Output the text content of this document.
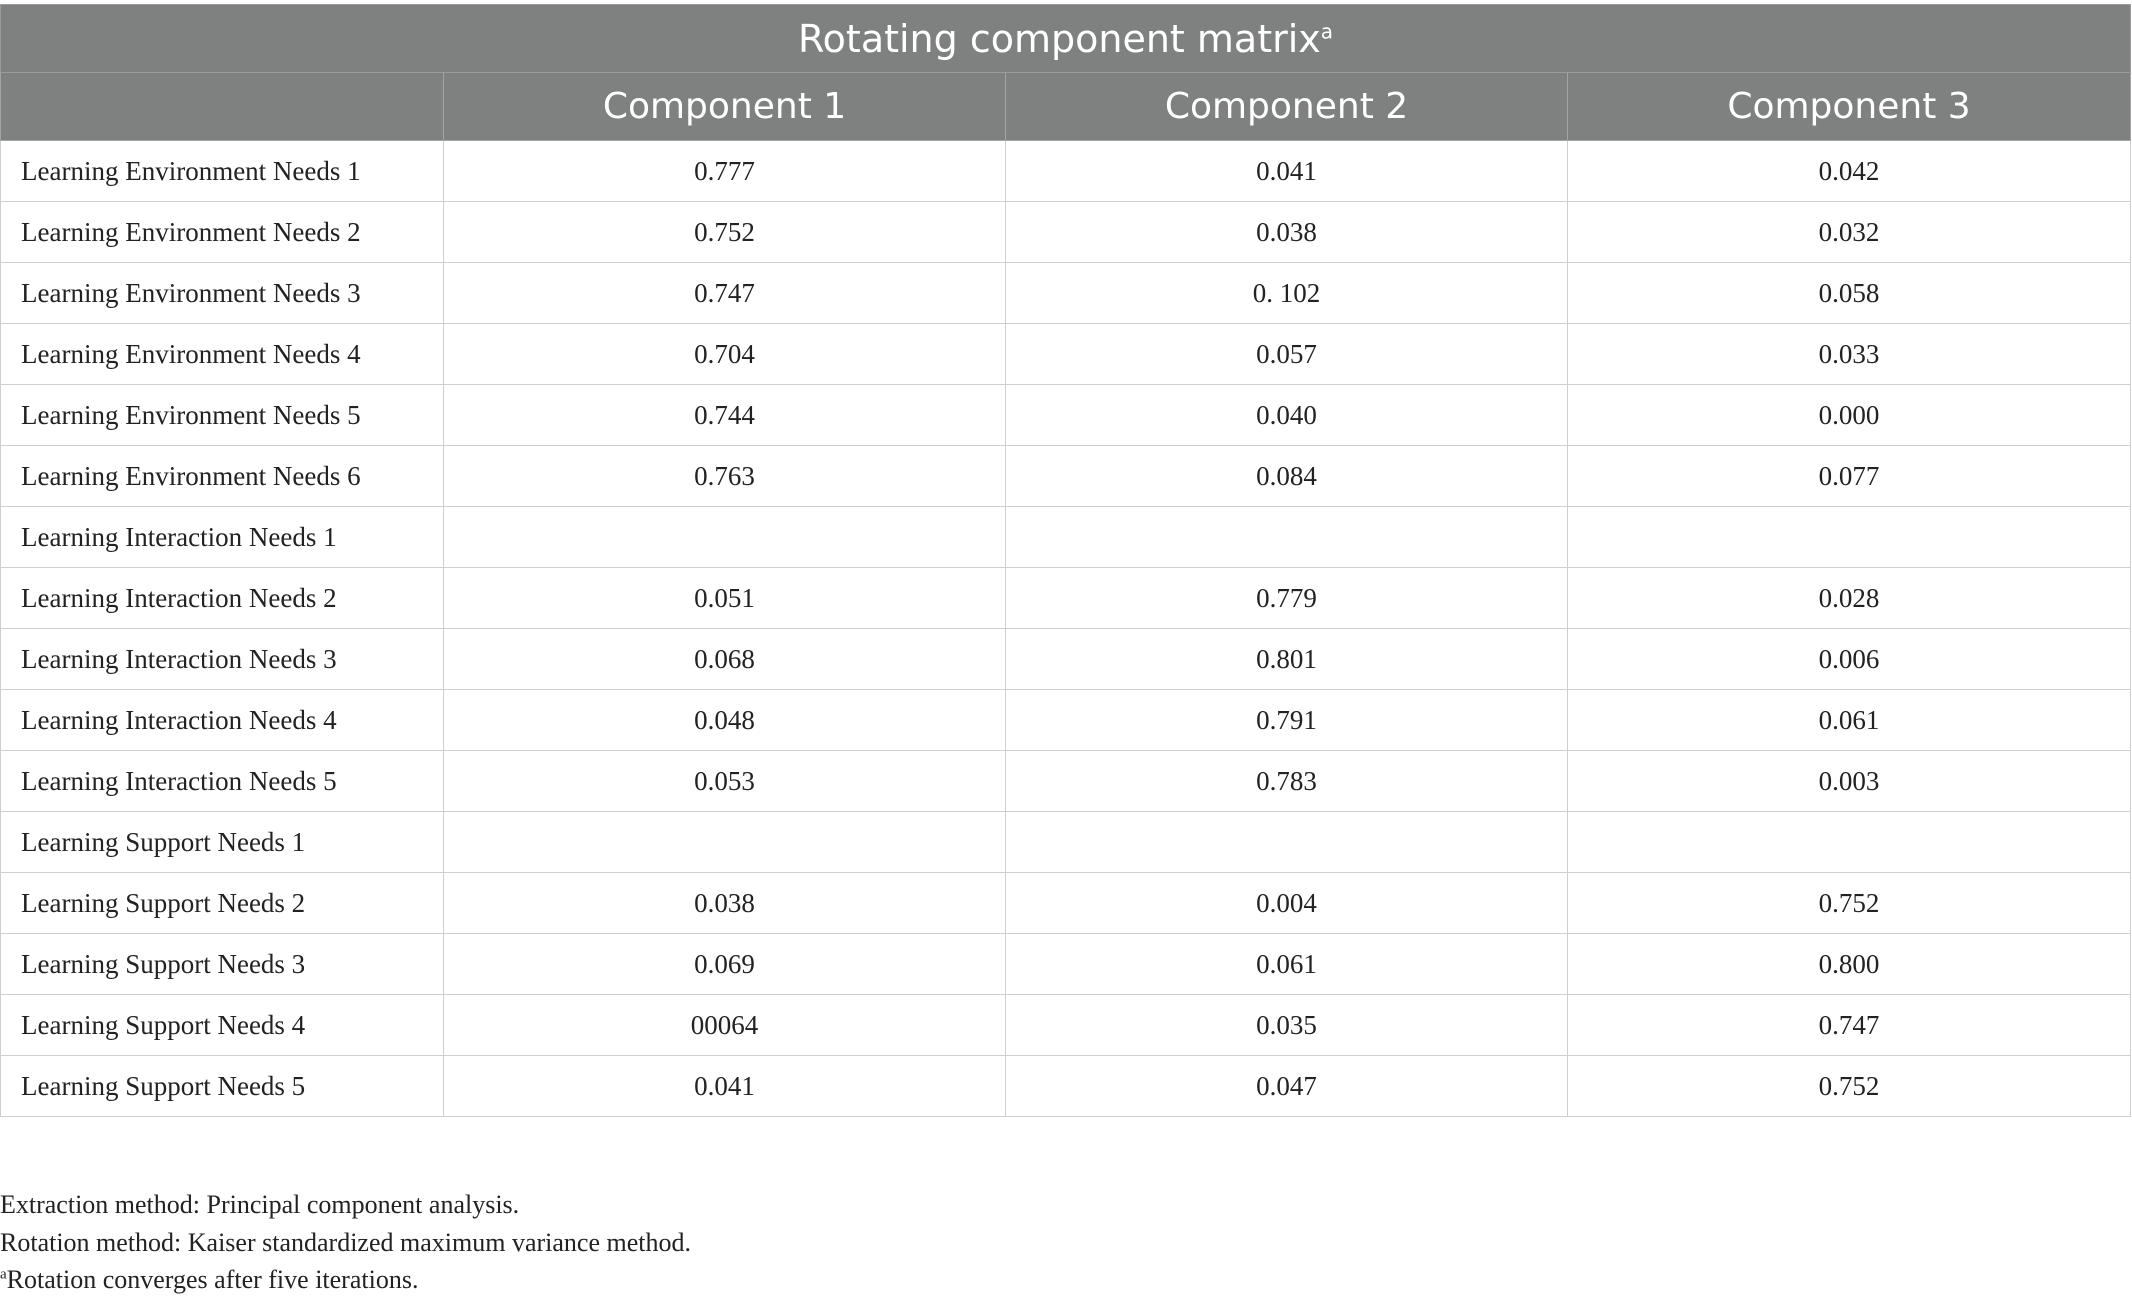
Rotating component matrix$^a$
	Component 1	Component 2	Component 3
Learning Environment Needs 1	0.777	0.041	0.042
Learning Environment Needs 2	0.752	0.038	0.032
Learning Environment Needs 3	0.747	0. 102	0.058
Learning Environment Needs 4	0.704	0.057	0.033
Learning Environment Needs 5	0.744	0.040	0.000
Learning Environment Needs 6	0.763	0.084	0.077
Learning Interaction Needs 1			
Learning Interaction Needs 2	0.051	0.779	0.028
Learning Interaction Needs 3	0.068	0.801	0.006
Learning Interaction Needs 4	0.048	0.791	0.061
Learning Interaction Needs 5	0.053	0.783	0.003
Learning Support Needs 1			
Learning Support Needs 2	0.038	0.004	0.752
Learning Support Needs 3	0.069	0.061	0.800
Learning Support Needs 4	00064	0.035	0.747
Learning Support Needs 5	0.041	0.047	0.752
Extraction method: Principal component analysis.
Rotation method: Kaiser standardized maximum variance method.
$^a$Rotation converges after five iterations.
